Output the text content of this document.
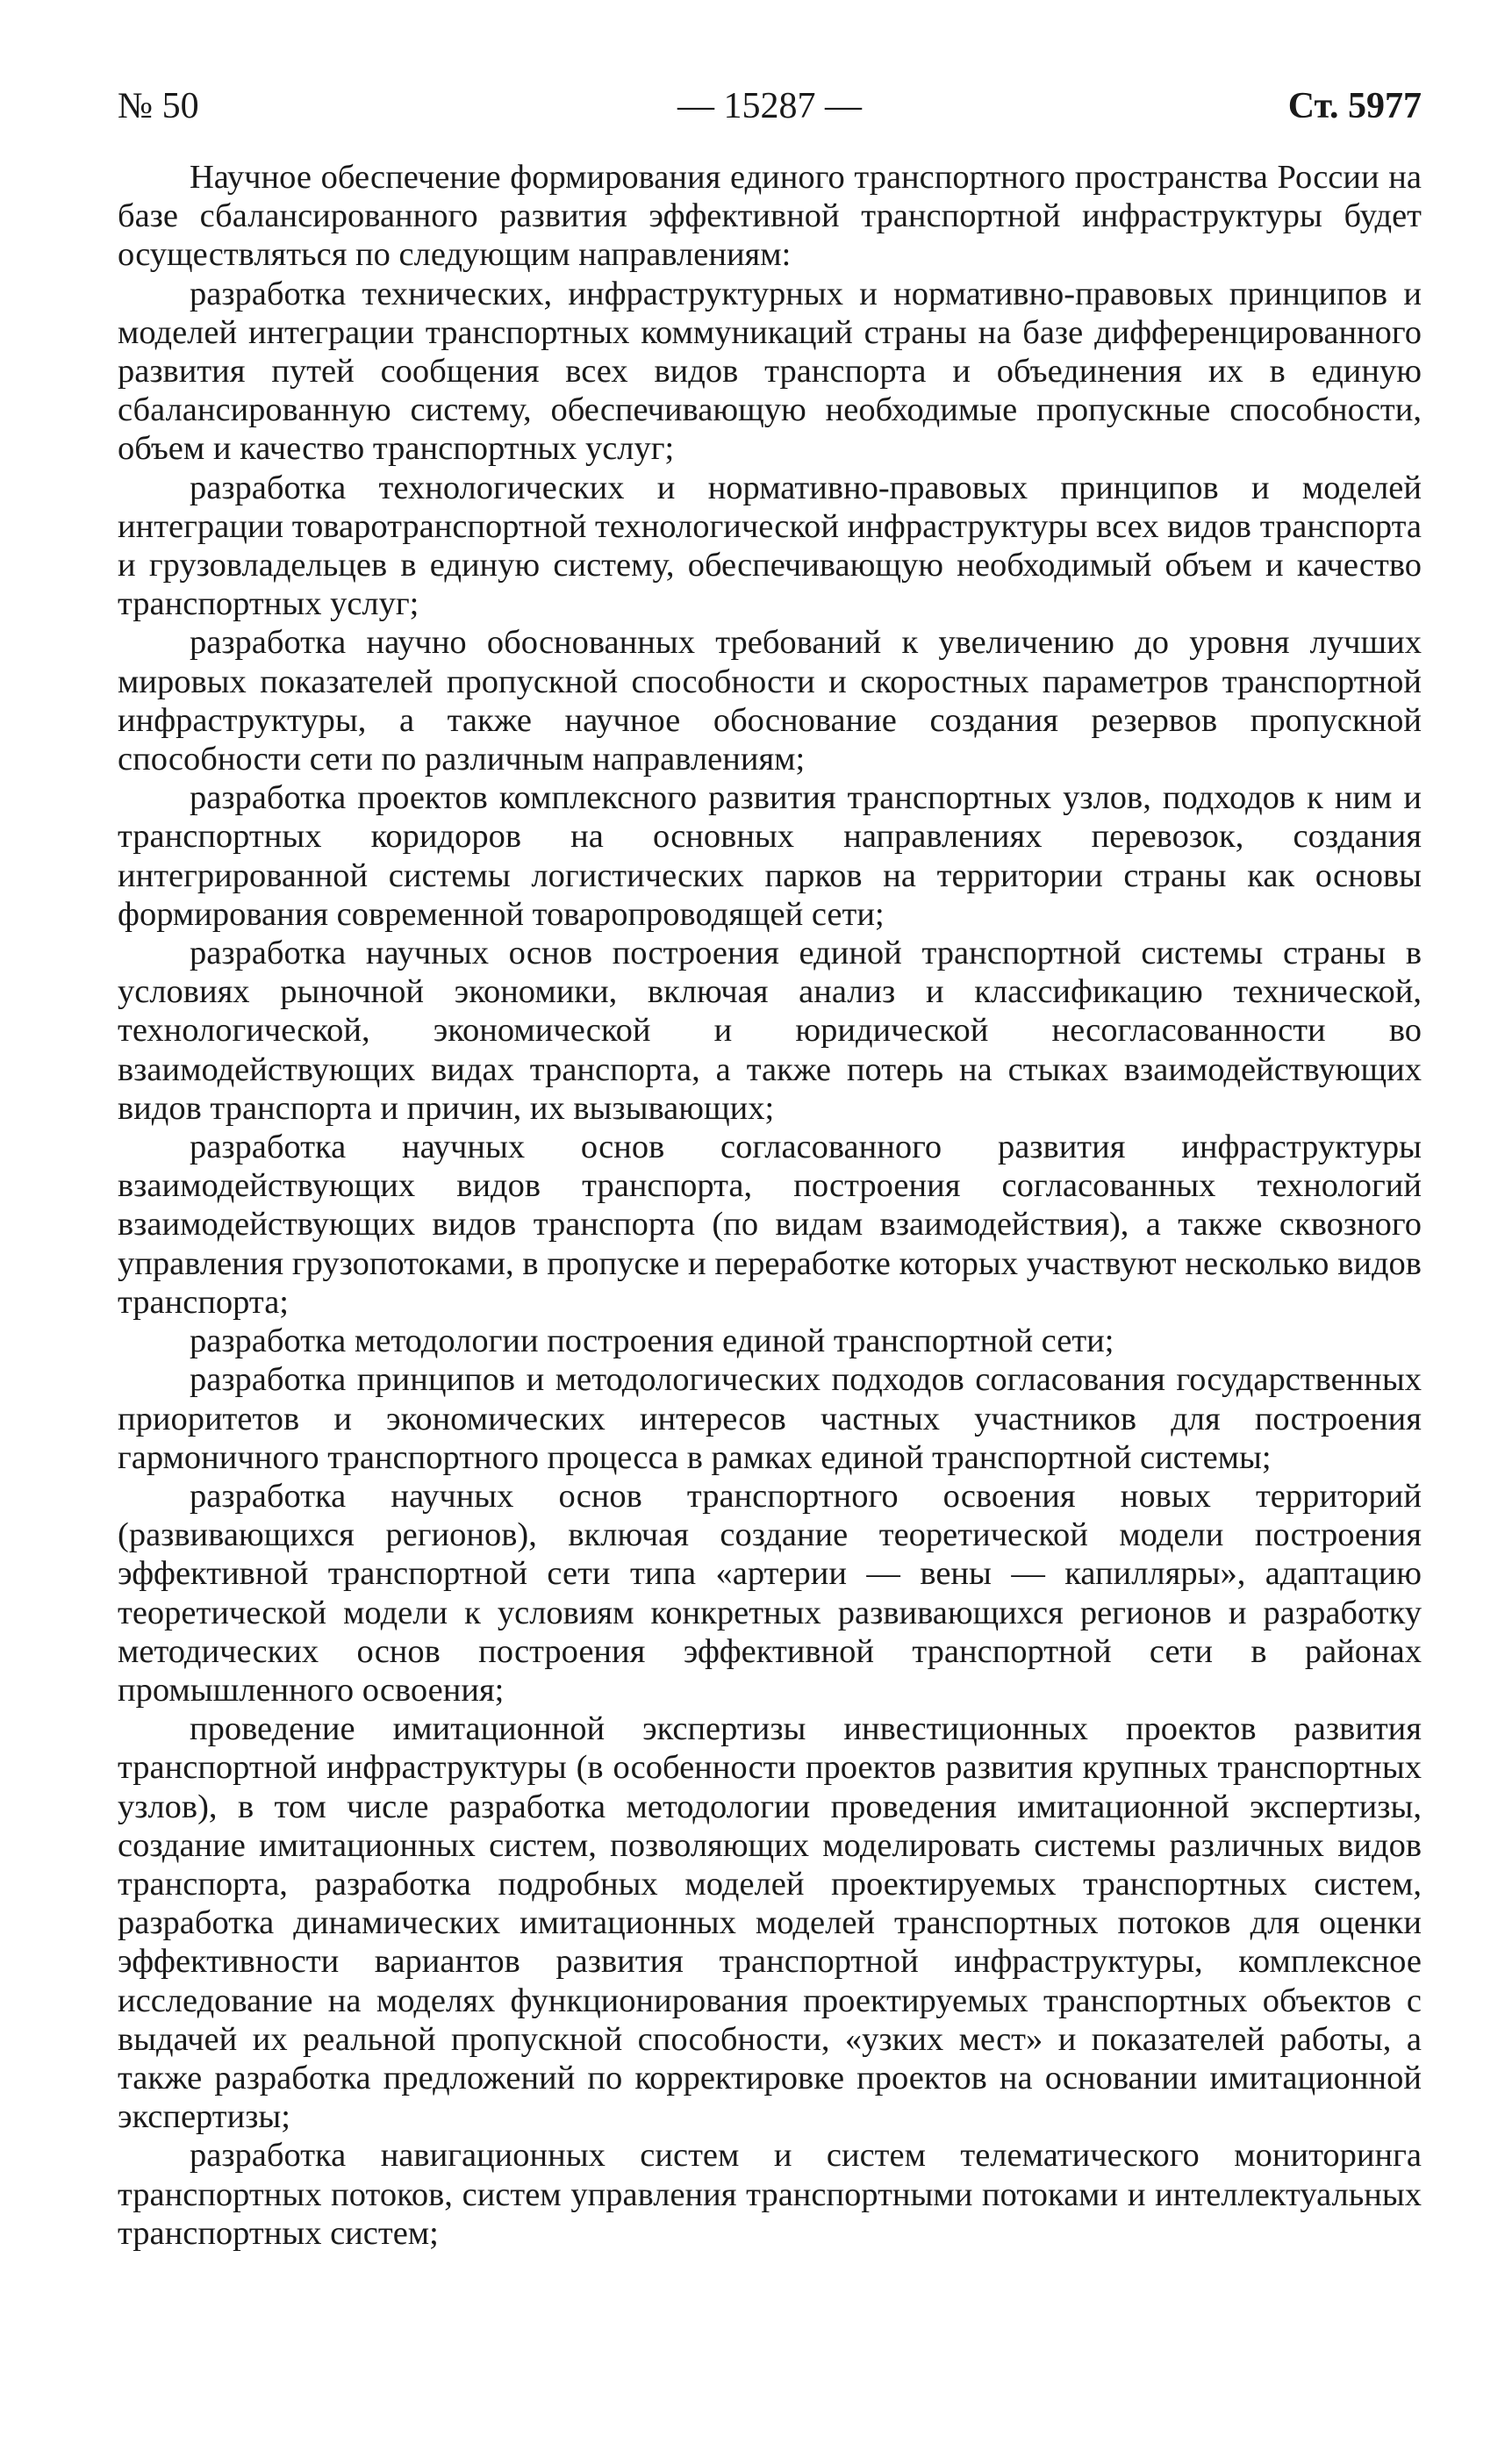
№ 50	— 15287 —	Ст. 5977

Научное обеспечение формирования единого транспортного пространства России на базе сбалансированного развития эффективной транспортной инфраструктуры будет осуществляться по следующим направлениям:

разработка технических, инфраструктурных и нормативно-правовых принципов и моделей интеграции транспортных коммуникаций страны на базе дифференцированного развития путей сообщения всех видов транспорта и объединения их в единую сбалансированную систему, обеспечивающую необходимые пропускные способности, объем и качество транспортных услуг;

разработка технологических и нормативно-правовых принципов и моделей интеграции товаротранспортной технологической инфраструктуры всех видов транспорта и грузовладельцев в единую систему, обеспечивающую необходимый объем и качество транспортных услуг;

разработка научно обоснованных требований к увеличению до уровня лучших мировых показателей пропускной способности и скоростных параметров транспортной инфраструктуры, а также научное обоснование создания резервов пропускной способности сети по различным направлениям;

разработка проектов комплексного развития транспортных узлов, подходов к ним и транспортных коридоров на основных направлениях перевозок, создания интегрированной системы логистических парков на территории страны как основы формирования современной товаропроводящей сети;

разработка научных основ построения единой транспортной системы страны в условиях рыночной экономики, включая анализ и классификацию технической, технологической, экономической и юридической несогласованности во взаимодействующих видах транспорта, а также потерь на стыках взаимодействующих видов транспорта и причин, их вызывающих;

разработка научных основ согласованного развития инфраструктуры взаимодействующих видов транспорта, построения согласованных технологий взаимодействующих видов транспорта (по видам взаимодействия), а также сквозного управления грузопотоками, в пропуске и переработке которых участвуют несколько видов транспорта;

разработка методологии построения единой транспортной сети;

разработка принципов и методологических подходов согласования государственных приоритетов и экономических интересов частных участников для построения гармоничного транспортного процесса в рамках единой транспортной системы;

разработка научных основ транспортного освоения новых территорий (развивающихся регионов), включая создание теоретической модели построения эффективной транспортной сети типа «артерии — вены — капилляры», адаптацию теоретической модели к условиям конкретных развивающихся регионов и разработку методических основ построения эффективной транспортной сети в районах промышленного освоения;

проведение имитационной экспертизы инвестиционных проектов развития транспортной инфраструктуры (в особенности проектов развития крупных транспортных узлов), в том числе разработка методологии проведения имитационной экспертизы, создание имитационных систем, позволяющих моделировать системы различных видов транспорта, разработка подробных моделей проектируемых транспортных систем, разработка динамических имитационных моделей транспортных потоков для оценки эффективности вариантов развития транспортной инфраструктуры, комплексное исследование на моделях функционирования проектируемых транспортных объектов с выдачей их реальной пропускной способности, «узких мест» и показателей работы, а также разработка предложений по корректировке проектов на основании имитационной экспертизы;

разработка навигационных систем и систем телематического мониторинга транспортных потоков, систем управления транспортными потоками и интеллектуальных транспортных систем;
